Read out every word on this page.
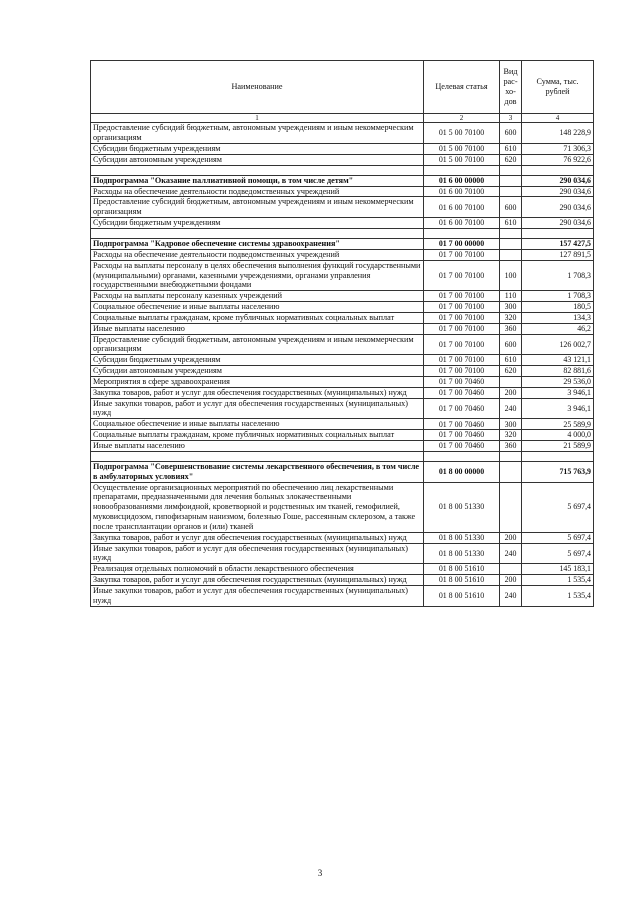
Наименование	Целевая статья	Вид рас-хо-дов	Сумма, тыс. рублей
1	2	3	4
Предоставление субсидий бюджетным, автономным учреждениям и иным некоммерческим организациям	01 5 00 70100	600	148 228,9
Субсидии бюджетным учреждениям	01 5 00 70100	610	71 306,3
Субсидии автономным учреждениям	01 5 00 70100	620	76 922,6

Подпрограмма "Оказание паллиативной помощи, в том числе детям"	01 6 00 00000		290 034,6
Расходы на обеспечение деятельности подведомственных учреждений	01 6 00 70100		290 034,6
Предоставление субсидий бюджетным, автономным учреждениям и иным некоммерческим организациям	01 6 00 70100	600	290 034,6
Субсидии бюджетным учреждениям	01 6 00 70100	610	290 034,6

Подпрограмма "Кадровое обеспечение системы здравоохранения"	01 7 00 00000		157 427,5
Расходы на обеспечение деятельности подведомственных учреждений	01 7 00 70100		127 891,5
Расходы на выплаты персоналу в целях обеспечения выполнения функций государственными (муниципальными) органами, казенными учреждениями, органами управления государственными внебюджетными фондами	01 7 00 70100	100	1 708,3
Расходы на выплаты персоналу казенных учреждений	01 7 00 70100	110	1 708,3
Социальное обеспечение и иные выплаты населению	01 7 00 70100	300	180,5
Социальные выплаты гражданам, кроме публичных нормативных социальных выплат	01 7 00 70100	320	134,3
Иные выплаты населению	01 7 00 70100	360	46,2
Предоставление субсидий бюджетным, автономным учреждениям и иным некоммерческим организациям	01 7 00 70100	600	126 002,7
Субсидии бюджетным учреждениям	01 7 00 70100	610	43 121,1
Субсидии автономным учреждениям	01 7 00 70100	620	82 881,6
Мероприятия в сфере здравоохранения	01 7 00 70460		29 536,0
Закупка товаров, работ и услуг для обеспечения государственных (муниципальных) нужд	01 7 00 70460	200	3 946,1
Иные закупки товаров, работ и услуг для обеспечения государственных (муниципальных) нужд	01 7 00 70460	240	3 946,1
Социальное обеспечение и иные выплаты населению	01 7 00 70460	300	25 589,9
Социальные выплаты гражданам, кроме публичных нормативных социальных выплат	01 7 00 70460	320	4 000,0
Иные выплаты населению	01 7 00 70460	360	21 589,9

Подпрограмма "Совершенствование системы лекарственного обеспечения, в том числе в амбулаторных условиях"	01 8 00 00000		715 763,9
Осуществление организационных мероприятий по обеспечению лиц лекарственными препаратами, предназначенными для лечения больных злокачественными новообразованиями лимфоидной, кроветворной и родственных им тканей, гемофилией, муковисцидозом, гипофизарным нанизмом, болезнью Гоше, рассеянным склерозом, а также после трансплантации органов и (или) тканей	01 8 00 51330		5 697,4
Закупка товаров, работ и услуг для обеспечения государственных (муниципальных) нужд	01 8 00 51330	200	5 697,4
Иные закупки товаров, работ и услуг для обеспечения государственных (муниципальных) нужд	01 8 00 51330	240	5 697,4
Реализация отдельных полномочий в области лекарственного обеспечения	01 8 00 51610		145 183,1
Закупка товаров, работ и услуг для обеспечения государственных (муниципальных) нужд	01 8 00 51610	200	1 535,4
Иные закупки товаров, работ и услуг для обеспечения государственных (муниципальных) нужд	01 8 00 51610	240	1 535,4
3
